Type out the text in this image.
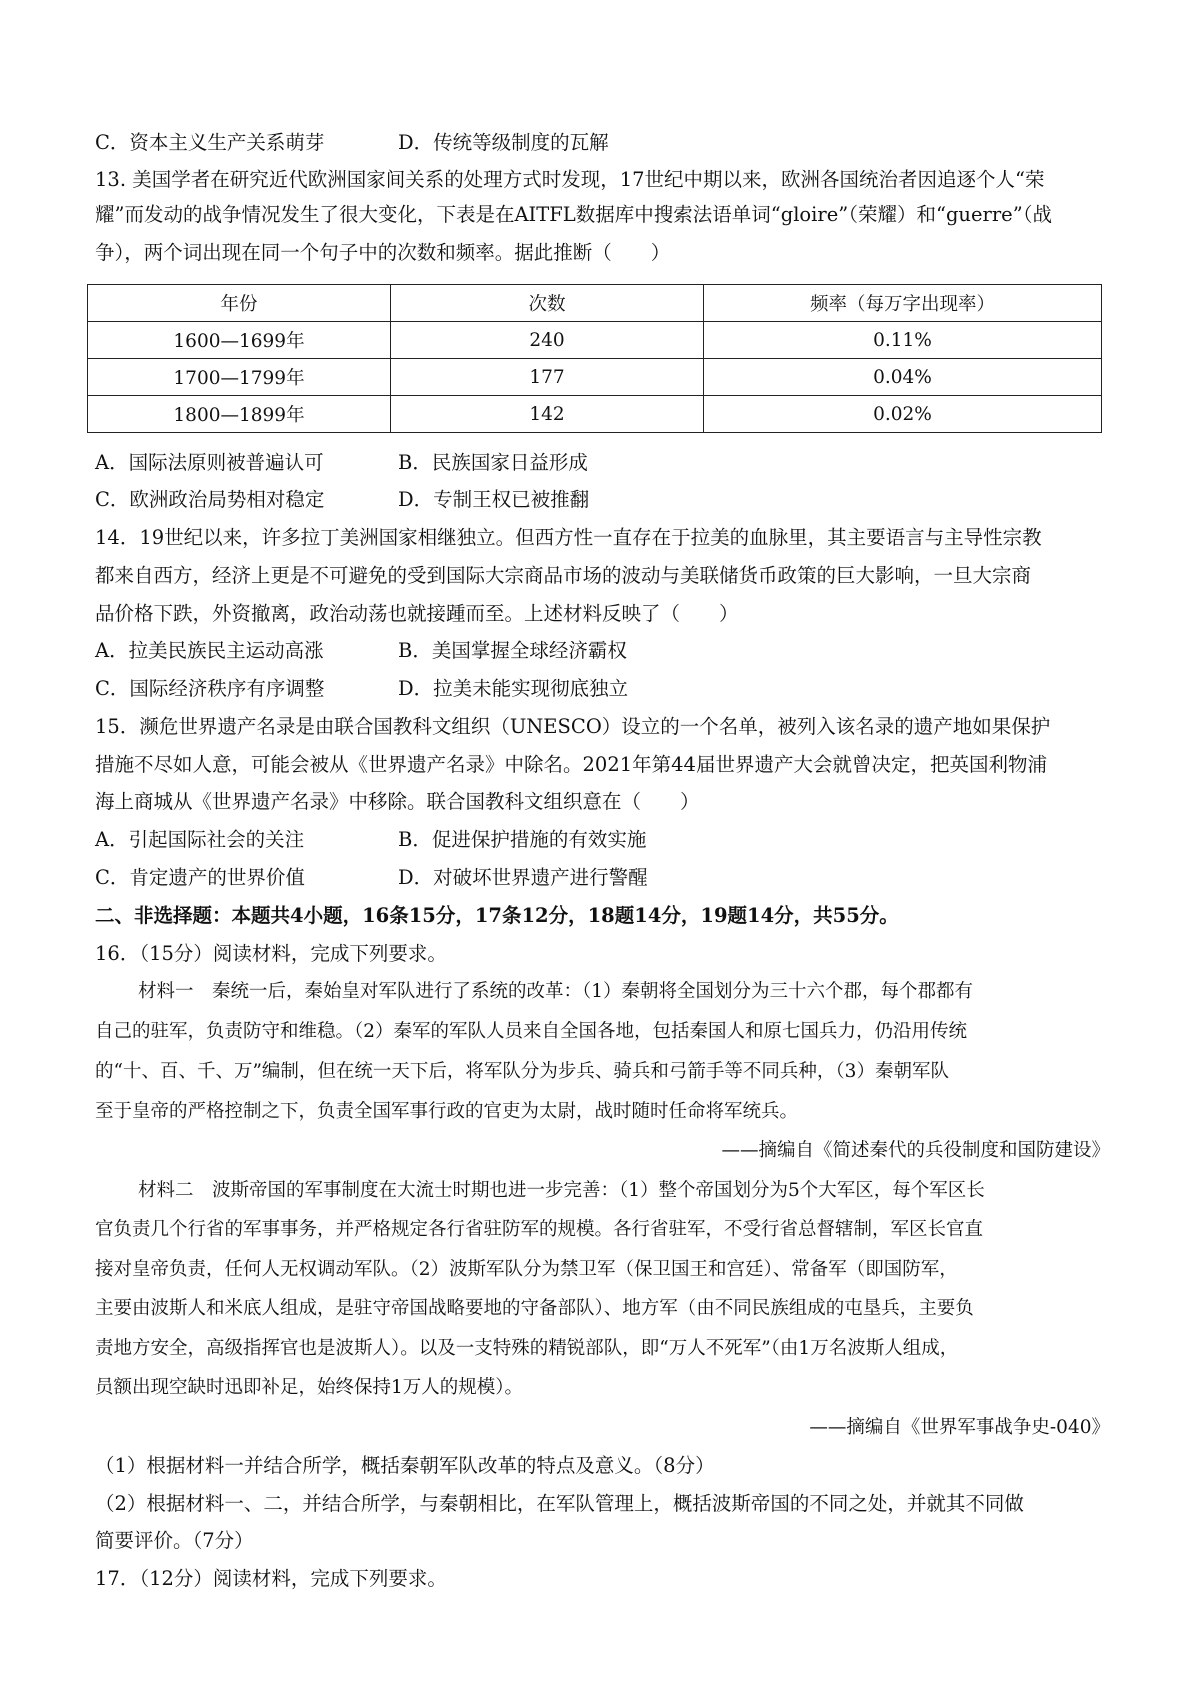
C．资本主义生产关系萌芽	D．传统等级制度的瓦解
13. 美国学者在研究近代欧洲国家间关系的处理方式时发现，17世纪中期以来，欧洲各国统治者因追逐个人“荣
耀”而发动的战争情况发生了很大变化，下表是在AITFL数据库中搜索法语单词“gloire”（荣耀）和“guerre”（战
争），两个词出现在同一个句子中的次数和频率。据此推断（　　）
年份	次数	频率（每万字出现率）
1600—1699年	240	0.11%
1700—1799年	177	0.04%
1800—1899年	142	0.02%
A．国际法原则被普遍认可	B．民族国家日益形成
C．欧洲政治局势相对稳定	D．专制王权已被推翻
14．19世纪以来，许多拉丁美洲国家相继独立。但西方性一直存在于拉美的血脉里，其主要语言与主导性宗教
都来自西方，经济上更是不可避免的受到国际大宗商品市场的波动与美联储货币政策的巨大影响，一旦大宗商
品价格下跌，外资撤离，政治动荡也就接踵而至。上述材料反映了（　　）
A．拉美民族民主运动高涨	B．美国掌握全球经济霸权
C．国际经济秩序有序调整	D．拉美未能实现彻底独立
15．濒危世界遗产名录是由联合国教科文组织（UNESCO）设立的一个名单，被列入该名录的遗产地如果保护
措施不尽如人意，可能会被从《世界遗产名录》中除名。2021年第44届世界遗产大会就曾决定，把英国利物浦
海上商城从《世界遗产名录》中移除。联合国教科文组织意在（　　）
A．引起国际社会的关注	B．促进保护措施的有效实施
C．肯定遗产的世界价值	D．对破坏世界遗产进行警醒
二、非选择题：本题共4小题，16条15分，17条12分，18题14分，19题14分，共55分。
16．（15分）阅读材料，完成下列要求。
材料一　秦统一后，秦始皇对军队进行了系统的改革：（1）秦朝将全国划分为三十六个郡，每个郡都有
自己的驻军，负责防守和维稳。（2）秦军的军队人员来自全国各地，包括秦国人和原七国兵力，仍沿用传统
的“十、百、千、万”编制，但在统一天下后，将军队分为步兵、骑兵和弓箭手等不同兵种，（3）秦朝军队
至于皇帝的严格控制之下，负责全国军事行政的官吏为太尉，战时随时任命将军统兵。
——摘编自《简述秦代的兵役制度和国防建设》
材料二　波斯帝国的军事制度在大流士时期也进一步完善：（1）整个帝国划分为5个大军区，每个军区长
官负责几个行省的军事事务，并严格规定各行省驻防军的规模。各行省驻军，不受行省总督辖制，军区长官直
接对皇帝负责，任何人无权调动军队。（2）波斯军队分为禁卫军（保卫国王和宫廷）、常备军（即国防军，
主要由波斯人和米底人组成，是驻守帝国战略要地的守备部队）、地方军（由不同民族组成的屯垦兵，主要负
责地方安全，高级指挥官也是波斯人）。以及一支特殊的精锐部队，即“万人不死军”（由1万名波斯人组成，
员额出现空缺时迅即补足，始终保持1万人的规模）。
——摘编自《世界军事战争史-040》
（1）根据材料一并结合所学，概括秦朝军队改革的特点及意义。（8分）
（2）根据材料一、二，并结合所学，与秦朝相比，在军队管理上，概括波斯帝国的不同之处，并就其不同做
简要评价。（7分）
17．（12分）阅读材料，完成下列要求。
